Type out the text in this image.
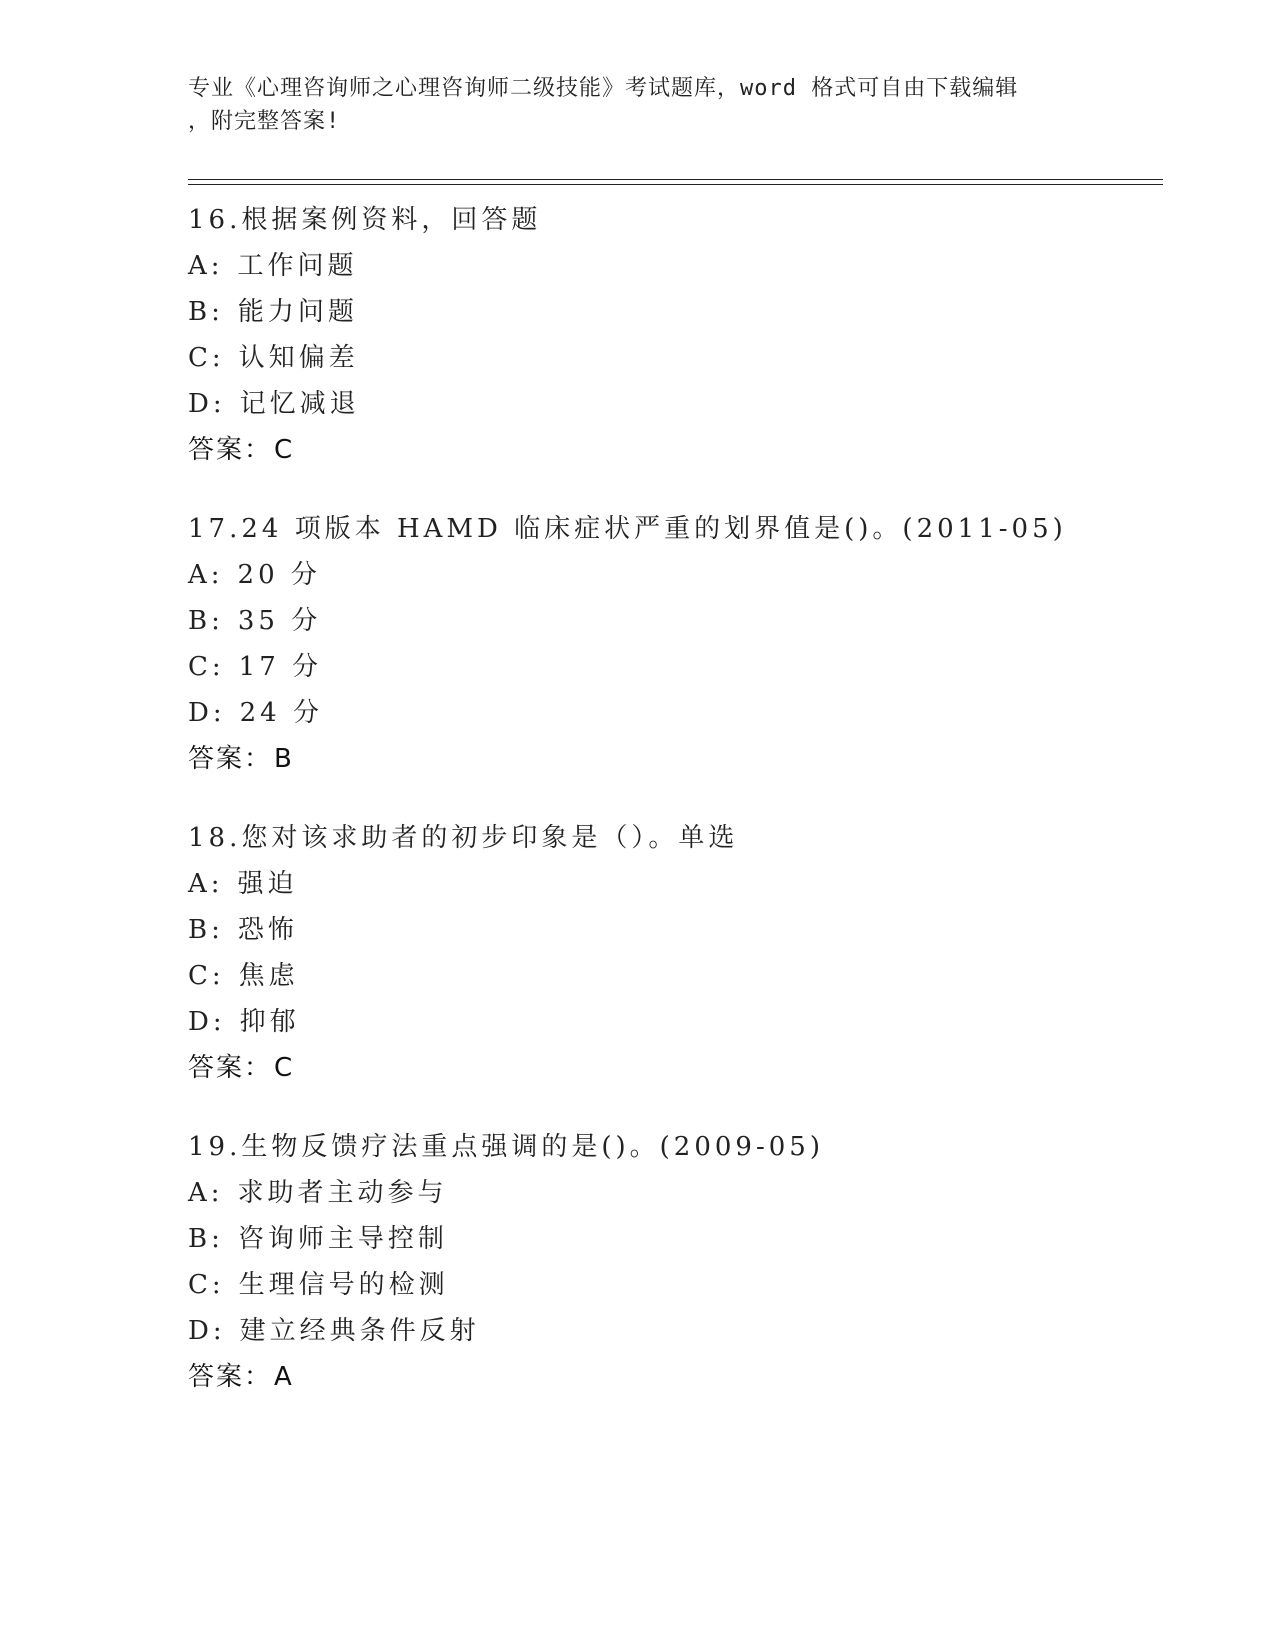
专业《心理咨询师之心理咨询师二级技能》考试题库，word 格式可自由下载编辑
，附完整答案!
16.根据案例资料，回答题
A: 工作问题
B: 能力问题
C: 认知偏差
D: 记忆减退
答案：C
17.24 项版本 HAMD 临床症状严重的划界值是()。(2011-05)
A: 20 分
B: 35 分
C: 17 分
D: 24 分
答案：B
18.您对该求助者的初步印象是（）。单选
A: 强迫
B: 恐怖
C: 焦虑
D: 抑郁
答案：C
19.生物反馈疗法重点强调的是()。(2009-05)
A: 求助者主动参与
B: 咨询师主导控制
C: 生理信号的检测
D: 建立经典条件反射
答案：A
